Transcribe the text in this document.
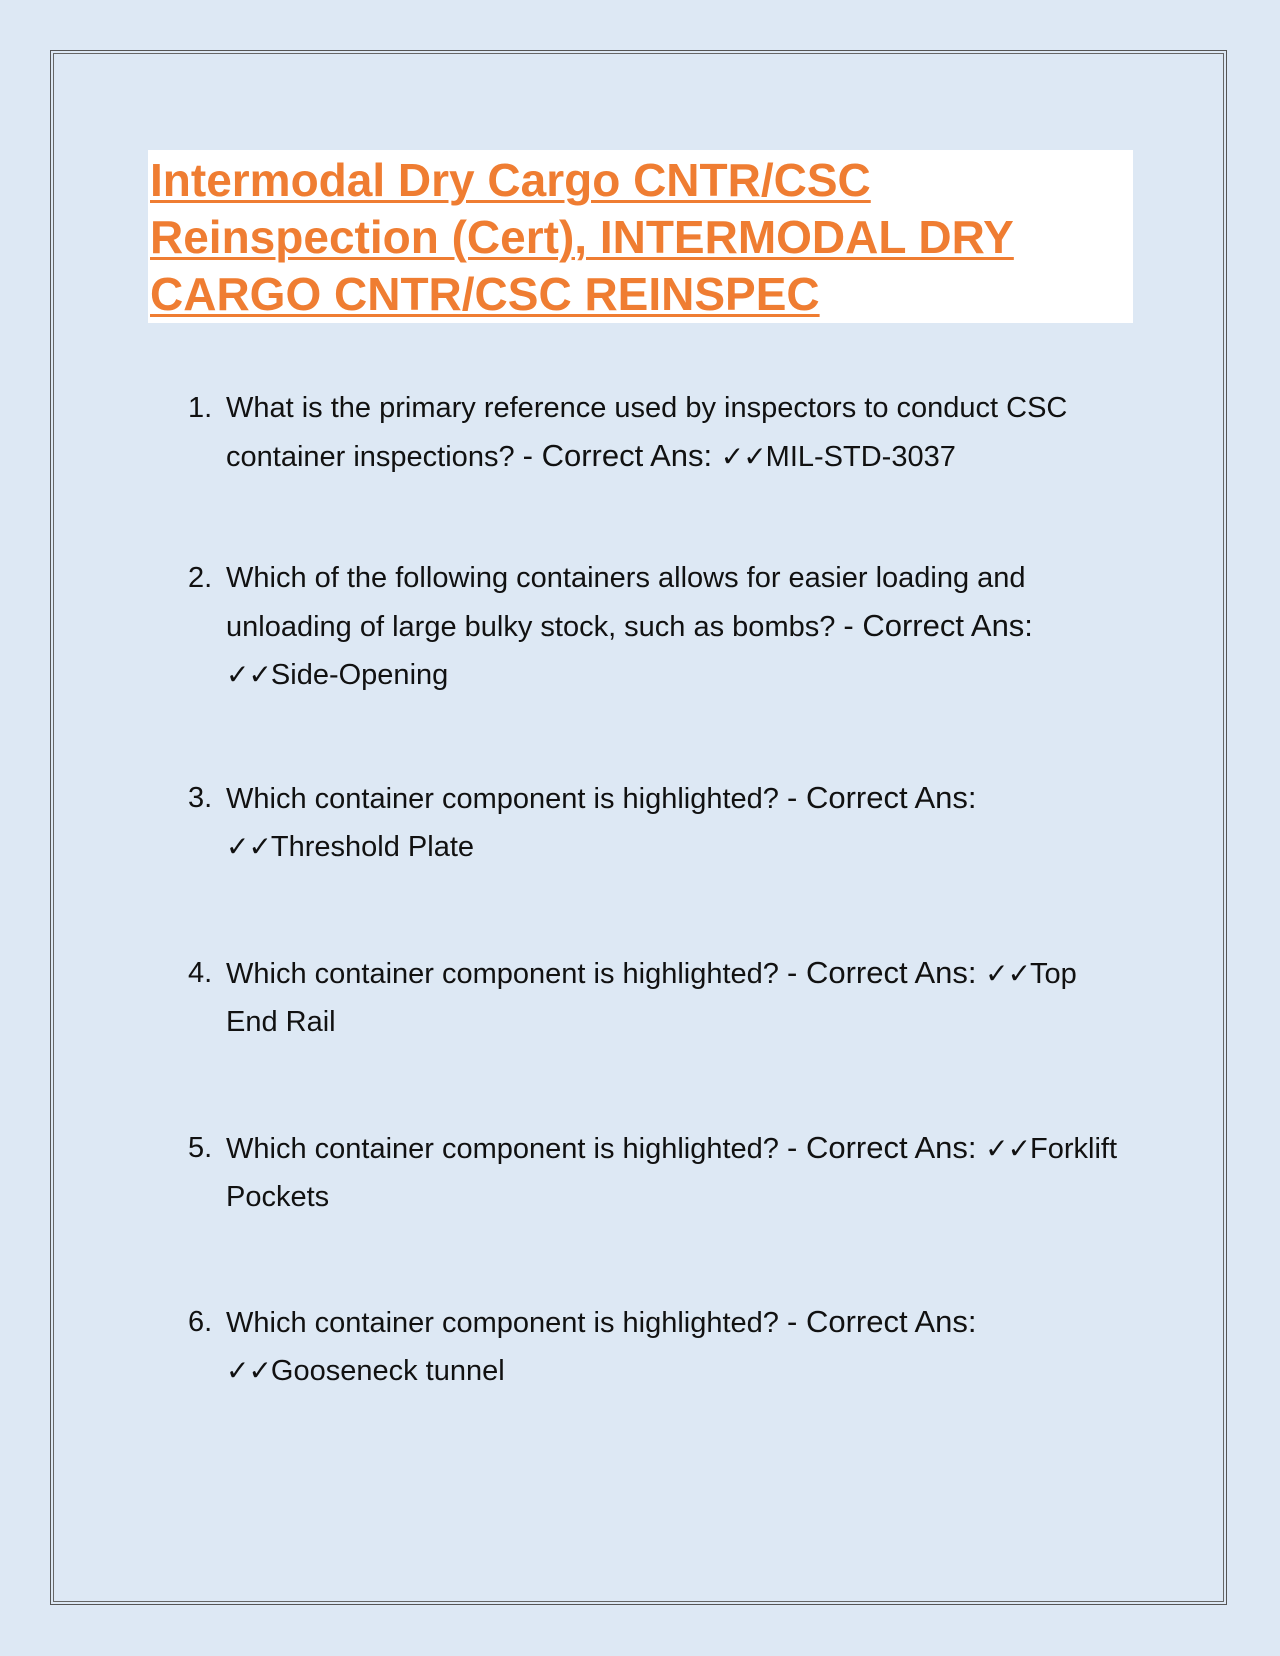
Intermodal Dry Cargo CNTR/CSC Reinspection (Cert), INTERMODAL DRY CARGO CNTR/CSC REINSPEC
1. What is the primary reference used by inspectors to conduct CSC container inspections? - Correct Ans: ✓✓MIL-STD-3037
2. Which of the following containers allows for easier loading and unloading of large bulky stock, such as bombs? - Correct Ans: ✓✓Side-Opening
3. Which container component is highlighted? - Correct Ans: ✓✓Threshold Plate
4. Which container component is highlighted? - Correct Ans: ✓✓Top End Rail
5. Which container component is highlighted? - Correct Ans: ✓✓Forklift Pockets
6. Which container component is highlighted? - Correct Ans: ✓✓Gooseneck tunnel
